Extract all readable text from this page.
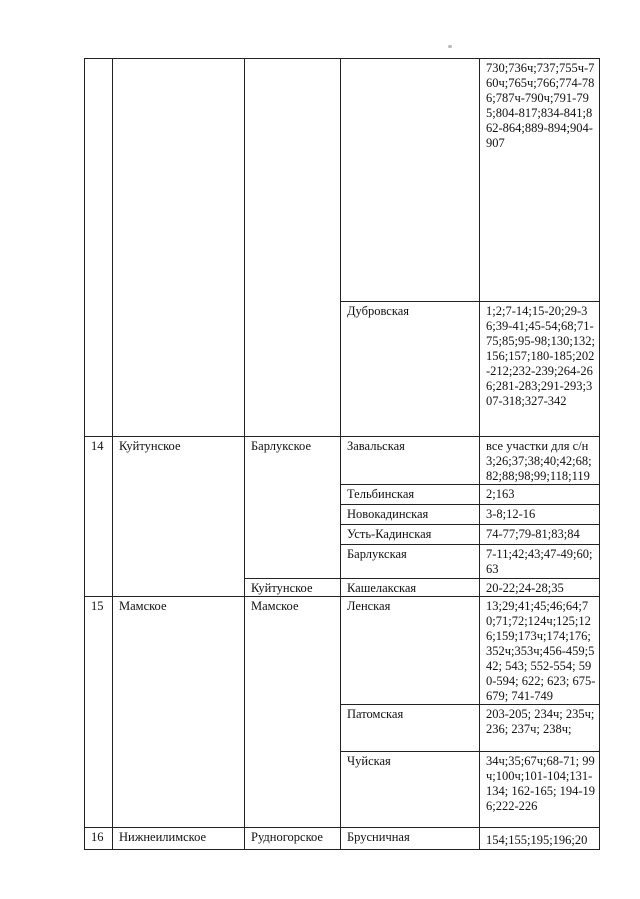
				730;736ч;737;755ч-760ч;765ч;766;774-786;787ч-790ч;791-795;804-817;834-841;862-864;889-894;904-907
			Дубровская	1;2;7-14;15-20;29-36;39-41;45-54;68;71-75;85;95-98;130;132;156;157;180-185;202-212;232-239;264-266;281-283;291-293;307-318;327-342
14	Куйтунское	Барлукское	Завальская	все участки для с/н 3;26;37;38;40;42;68;82;88;98;99;118;119
			Тельбинская	2;163
			Новокадинская	3-8;12-16
			Усть-Кадинская	74-77;79-81;83;84
			Барлукская	7-11;42;43;47-49;60;63
		Куйтунское	Кашелакская	20-22;24-28;35
15	Мамское	Мамское	Ленская	13;29;41;45;46;64;70;71;72;124ч;125;126;159;173ч;174;176;352ч;353ч;456-459;542; 543; 552-554; 590-594; 622; 623; 675-679; 741-749
			Патомская	203-205; 234ч; 235ч; 236; 237ч; 238ч;
			Чуйская	34ч;35;67ч;68-71; 99ч;100ч;101-104;131-134; 162-165; 194-196;222-226
16	Нижнеилимское	Рудногорское	Брусничная	154;155;195;196;20
